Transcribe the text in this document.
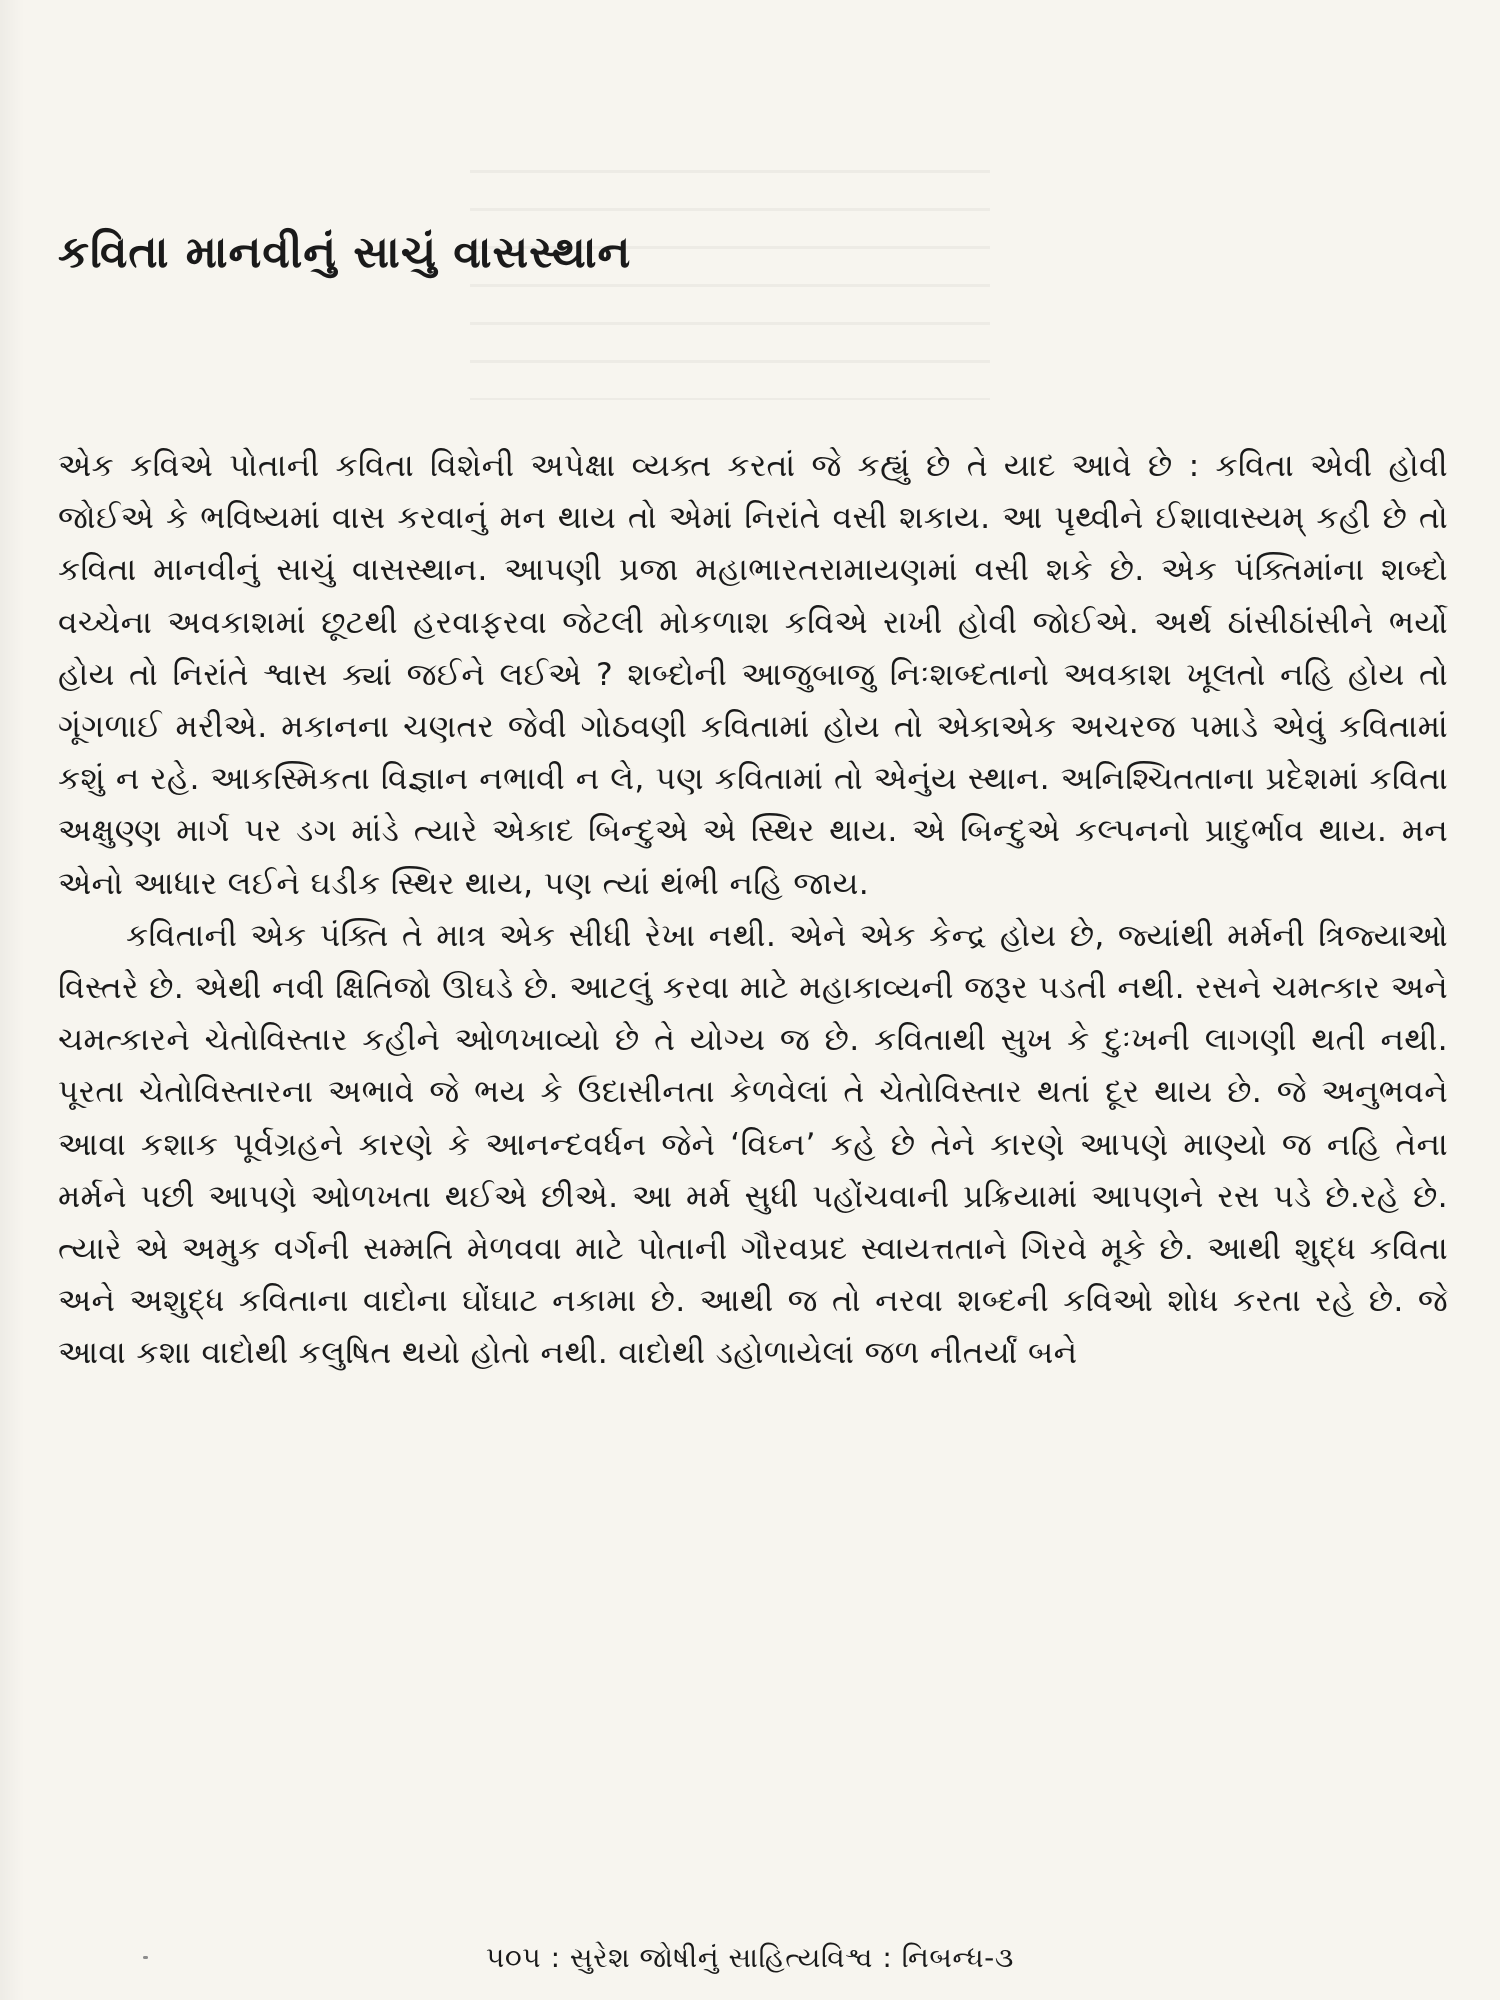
કવિતા માનવીનું સાચું વાસસ્થાન

એક કવિએ પોતાની કવિતા વિશેની અપેક્ષા વ્યક્ત કરતાં જે કહ્યું છે તે યાદ આવે છે : કવિતા એવી હોવી જોઈએ કે ભવિષ્યમાં વાસ કરવાનું મન થાય તો એમાં નિરાંતે વસી શકાય. આ પૃથ્વીને ઈશાવાસ્યમ્ કહી છે તો કવિતા માનવીનું સાચું વાસસ્થાન. આપણી પ્રજા મહાભારતરામાયણમાં વસી શકે છે. એક પંક્તિમાંના શબ્દો વચ્ચેના અવકાશમાં છૂટથી હરવાફરવા જેટલી મોકળાશ કવિએ રાખી હોવી જોઈએ. અર્થ ઠાંસીઠાંસીને ભર્યો હોય તો નિરાંતે શ્વાસ ક્યાં જઈને લઈએ ? શબ્દોની આજુબાજુ નિઃશબ્દતાનો અવકાશ ખૂલતો નહિ હોય તો ગૂંગળાઈ મરીએ. મકાનના ચણતર જેવી ગોઠવણી કવિતામાં હોય તો એકાએક અચરજ પમાડે એવું કવિતામાં કશું ન રહે. આકસ્મિકતા વિજ્ઞાન નભાવી ન લે, પણ કવિતામાં તો એનુંય સ્થાન. અનિશ્ચિતતાના પ્રદેશમાં કવિતા અક્ષુણ્ણ માર્ગ પર ડગ માંડે ત્યારે એકાદ બિન્દુએ એ સ્થિર થાય. એ બિન્દુએ કલ્પનનો પ્રાદુર્ભાવ થાય. મન એનો આધાર લઈને ઘડીક સ્થિર થાય, પણ ત્યાં થંભી નહિ જાય.

કવિતાની એક પંક્તિ તે માત્ર એક સીધી રેખા નથી. એને એક કેન્દ્ર હોય છે, જ્યાંથી મર્મની ત્રિજ્યાઓ વિસ્તરે છે. એથી નવી ક્ષિતિજો ઊઘડે છે. આટલું કરવા માટે મહાકાવ્યની જરૂર પડતી નથી. રસને ચમત્કાર અને ચમત્કારને ચેતોવિસ્તાર કહીને ઓળખાવ્યો છે તે યોગ્ય જ છે. કવિતાથી સુખ કે દુઃખની લાગણી થતી નથી. પૂરતા ચેતોવિસ્તારના અભાવે જે ભય કે ઉદાસીનતા કેળવેલાં તે ચેતોવિસ્તાર થતાં દૂર થાય છે. જે અનુભવને આવા કશાક પૂર્વગ્રહને કારણે કે આનન્દવર્ધન જેને ‘વિઘ્ન’ કહે છે તેને કારણે આપણે માણ્યો જ નહિ તેના મર્મને પછી આપણે ઓળખતા થઈએ છીએ. આ મર્મ સુધી પહોંચવાની પ્રક્રિયામાં આપણને રસ પડે છે.રહે છે. ત્યારે એ અમુક વર્ગની સમ્મતિ મેળવવા માટે પોતાની ગૌરવપ્રદ સ્વાયત્તતાને ગિરવે મૂકે છે. આથી શુદ્ધ કવિતા અને અશુદ્ધ કવિતાના વાદોના ઘોંઘાટ નકામા છે. આથી જ તો નરવા શબ્દની કવિઓ શોધ કરતા રહે છે. જે આવા કશા વાદોથી કલુષિત થયો હોતો નથી. વાદોથી ડહોળાયેલાં જળ નીતર્યાં બને

૫૦૫ : સુરેશ જોષીનું સાહિત્યવિશ્વ : નિબન્ધ-૩
